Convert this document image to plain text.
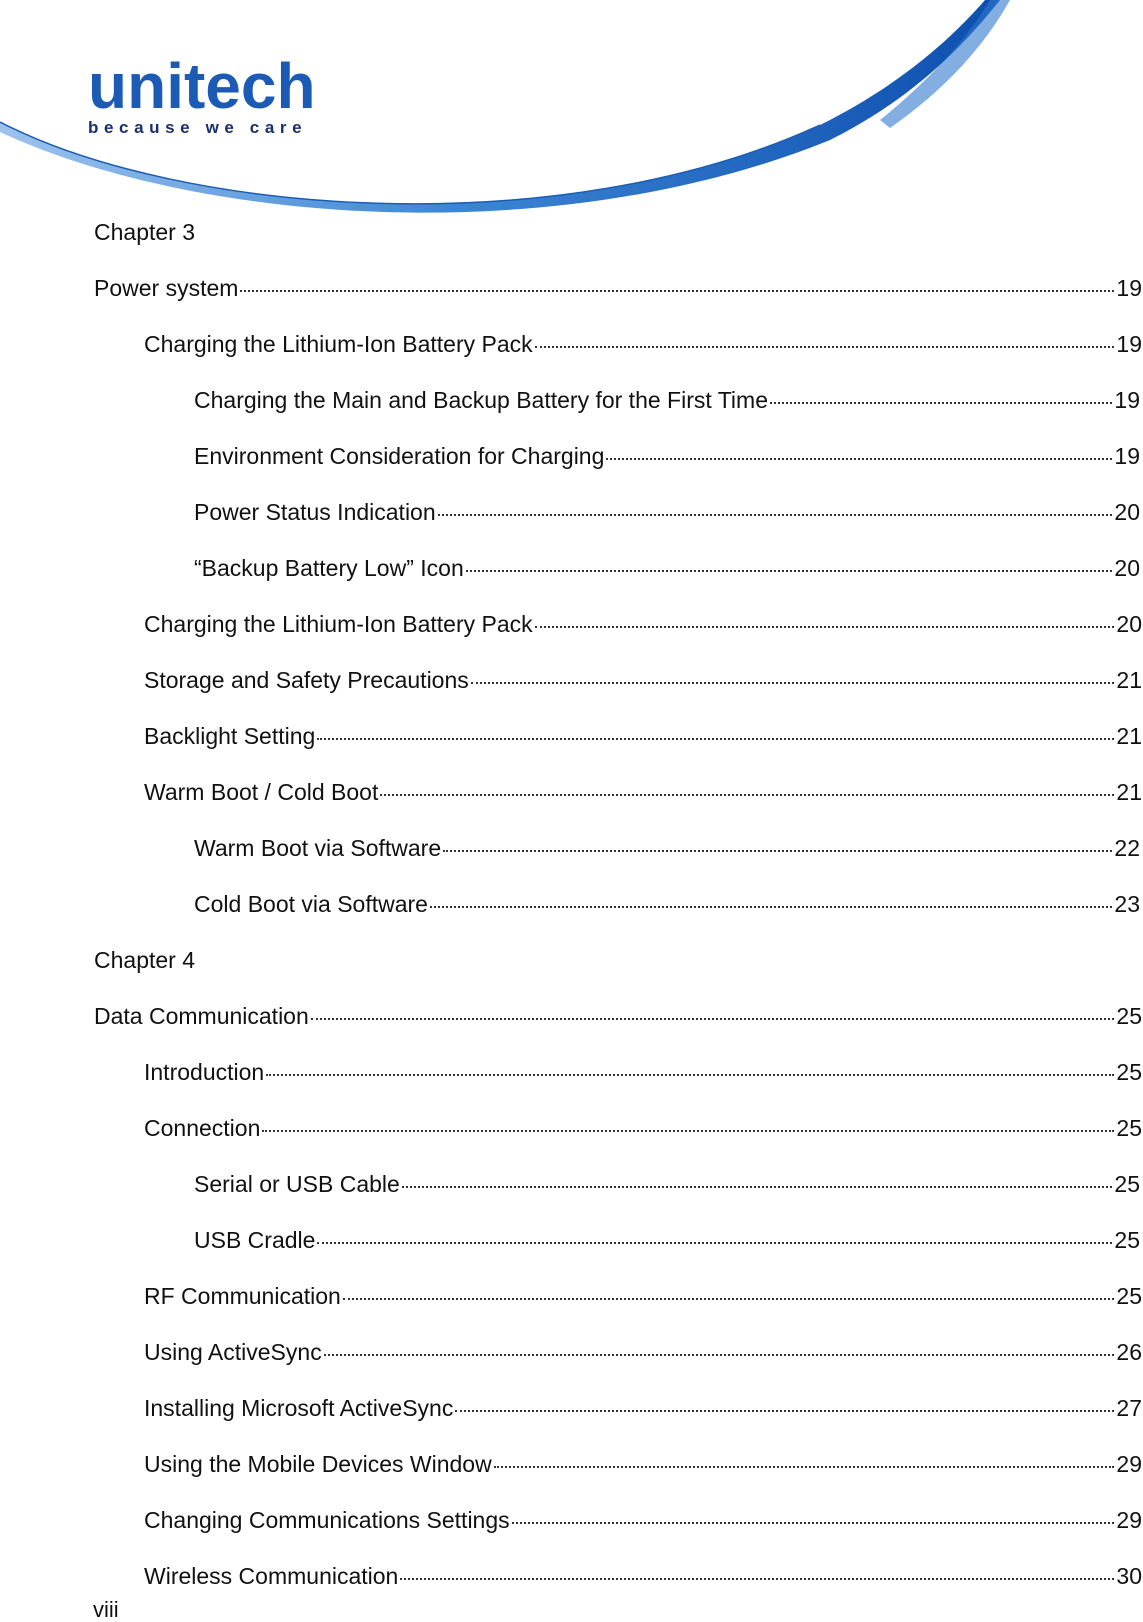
unitech
because we care
Chapter 3
Power system	19
Charging the Lithium-Ion Battery Pack	19
Charging the Main and Backup Battery for the First Time	19
Environment Consideration for Charging	19
Power Status Indication	20
“Backup Battery Low” Icon	20
Charging the Lithium-Ion Battery Pack	20
Storage and Safety Precautions	21
Backlight Setting	21
Warm Boot / Cold Boot	21
Warm Boot via Software	22
Cold Boot via Software	23
Chapter 4
Data Communication	25
Introduction	25
Connection	25
Serial or USB Cable	25
USB Cradle	25
RF Communication	25
Using ActiveSync	26
Installing Microsoft ActiveSync	27
Using the Mobile Devices Window	29
Changing Communications Settings	29
Wireless Communication	30
viii
